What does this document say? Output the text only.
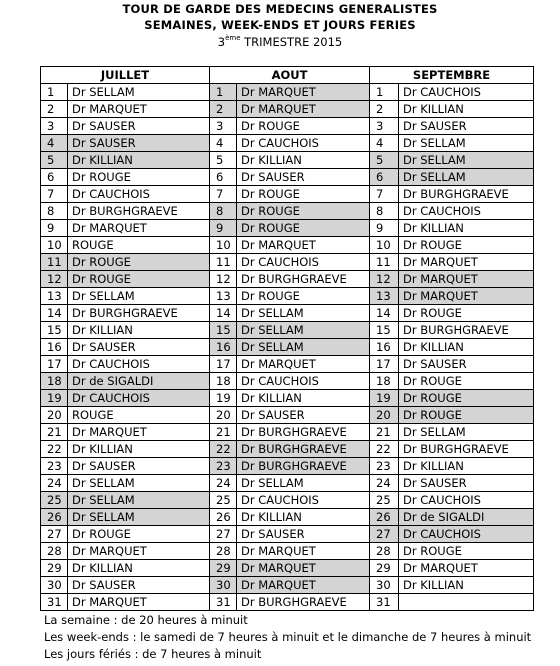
TOUR DE GARDE DES MEDECINS GENERALISTES
SEMAINES, WEEK-ENDS ET JOURS FERIES
3ème TRIMESTRE 2015
JUILLET		AOUT		SEPTEMBRE	
1	Dr SELLAM	1	Dr MARQUET	1	Dr CAUCHOIS
2	Dr MARQUET	2	Dr MARQUET	2	Dr KILLIAN
3	Dr SAUSER	3	Dr ROUGE	3	Dr SAUSER
4	Dr SAUSER	4	Dr CAUCHOIS	4	Dr SELLAM
5	Dr KILLIAN	5	Dr KILLIAN	5	Dr SELLAM
6	Dr ROUGE	6	Dr SAUSER	6	Dr SELLAM
7	Dr CAUCHOIS	7	Dr ROUGE	7	Dr BURGHGRAEVE
8	Dr BURGHGRAEVE	8	Dr ROUGE	8	Dr CAUCHOIS
9	Dr MARQUET	9	Dr ROUGE	9	Dr KILLIAN
10	ROUGE	10	Dr MARQUET	10	Dr ROUGE
11	Dr ROUGE	11	Dr CAUCHOIS	11	Dr MARQUET
12	Dr ROUGE	12	Dr BURGHGRAEVE	12	Dr MARQUET
13	Dr SELLAM	13	Dr ROUGE	13	Dr MARQUET
14	Dr BURGHGRAEVE	14	Dr SELLAM	14	Dr ROUGE
15	Dr KILLIAN	15	Dr SELLAM	15	Dr BURGHGRAEVE
16	Dr SAUSER	16	Dr SELLAM	16	Dr KILLIAN
17	Dr CAUCHOIS	17	Dr MARQUET	17	Dr SAUSER
18	Dr de SIGALDI	18	Dr CAUCHOIS	18	Dr ROUGE
19	Dr CAUCHOIS	19	Dr KILLIAN	19	Dr ROUGE
20	ROUGE	20	Dr SAUSER	20	Dr ROUGE
21	Dr MARQUET	21	Dr BURGHGRAEVE	21	Dr SELLAM
22	Dr KILLIAN	22	Dr BURGHGRAEVE	22	Dr BURGHGRAEVE
23	Dr SAUSER	23	Dr BURGHGRAEVE	23	Dr KILLIAN
24	Dr SELLAM	24	Dr SELLAM	24	Dr SAUSER
25	Dr SELLAM	25	Dr CAUCHOIS	25	Dr CAUCHOIS
26	Dr SELLAM	26	Dr KILLIAN	26	Dr de SIGALDI
27	Dr ROUGE	27	Dr SAUSER	27	Dr CAUCHOIS
28	Dr MARQUET	28	Dr MARQUET	28	Dr ROUGE
29	Dr KILLIAN	29	Dr MARQUET	29	Dr MARQUET
30	Dr SAUSER	30	Dr MARQUET	30	Dr KILLIAN
31	Dr MARQUET	31	Dr BURGHGRAEVE	31	
La semaine : de 20 heures à minuit
Les week-ends : le samedi de 7 heures à minuit et le dimanche de 7 heures à minuit
Les jours fériés : de 7 heures à minuit
